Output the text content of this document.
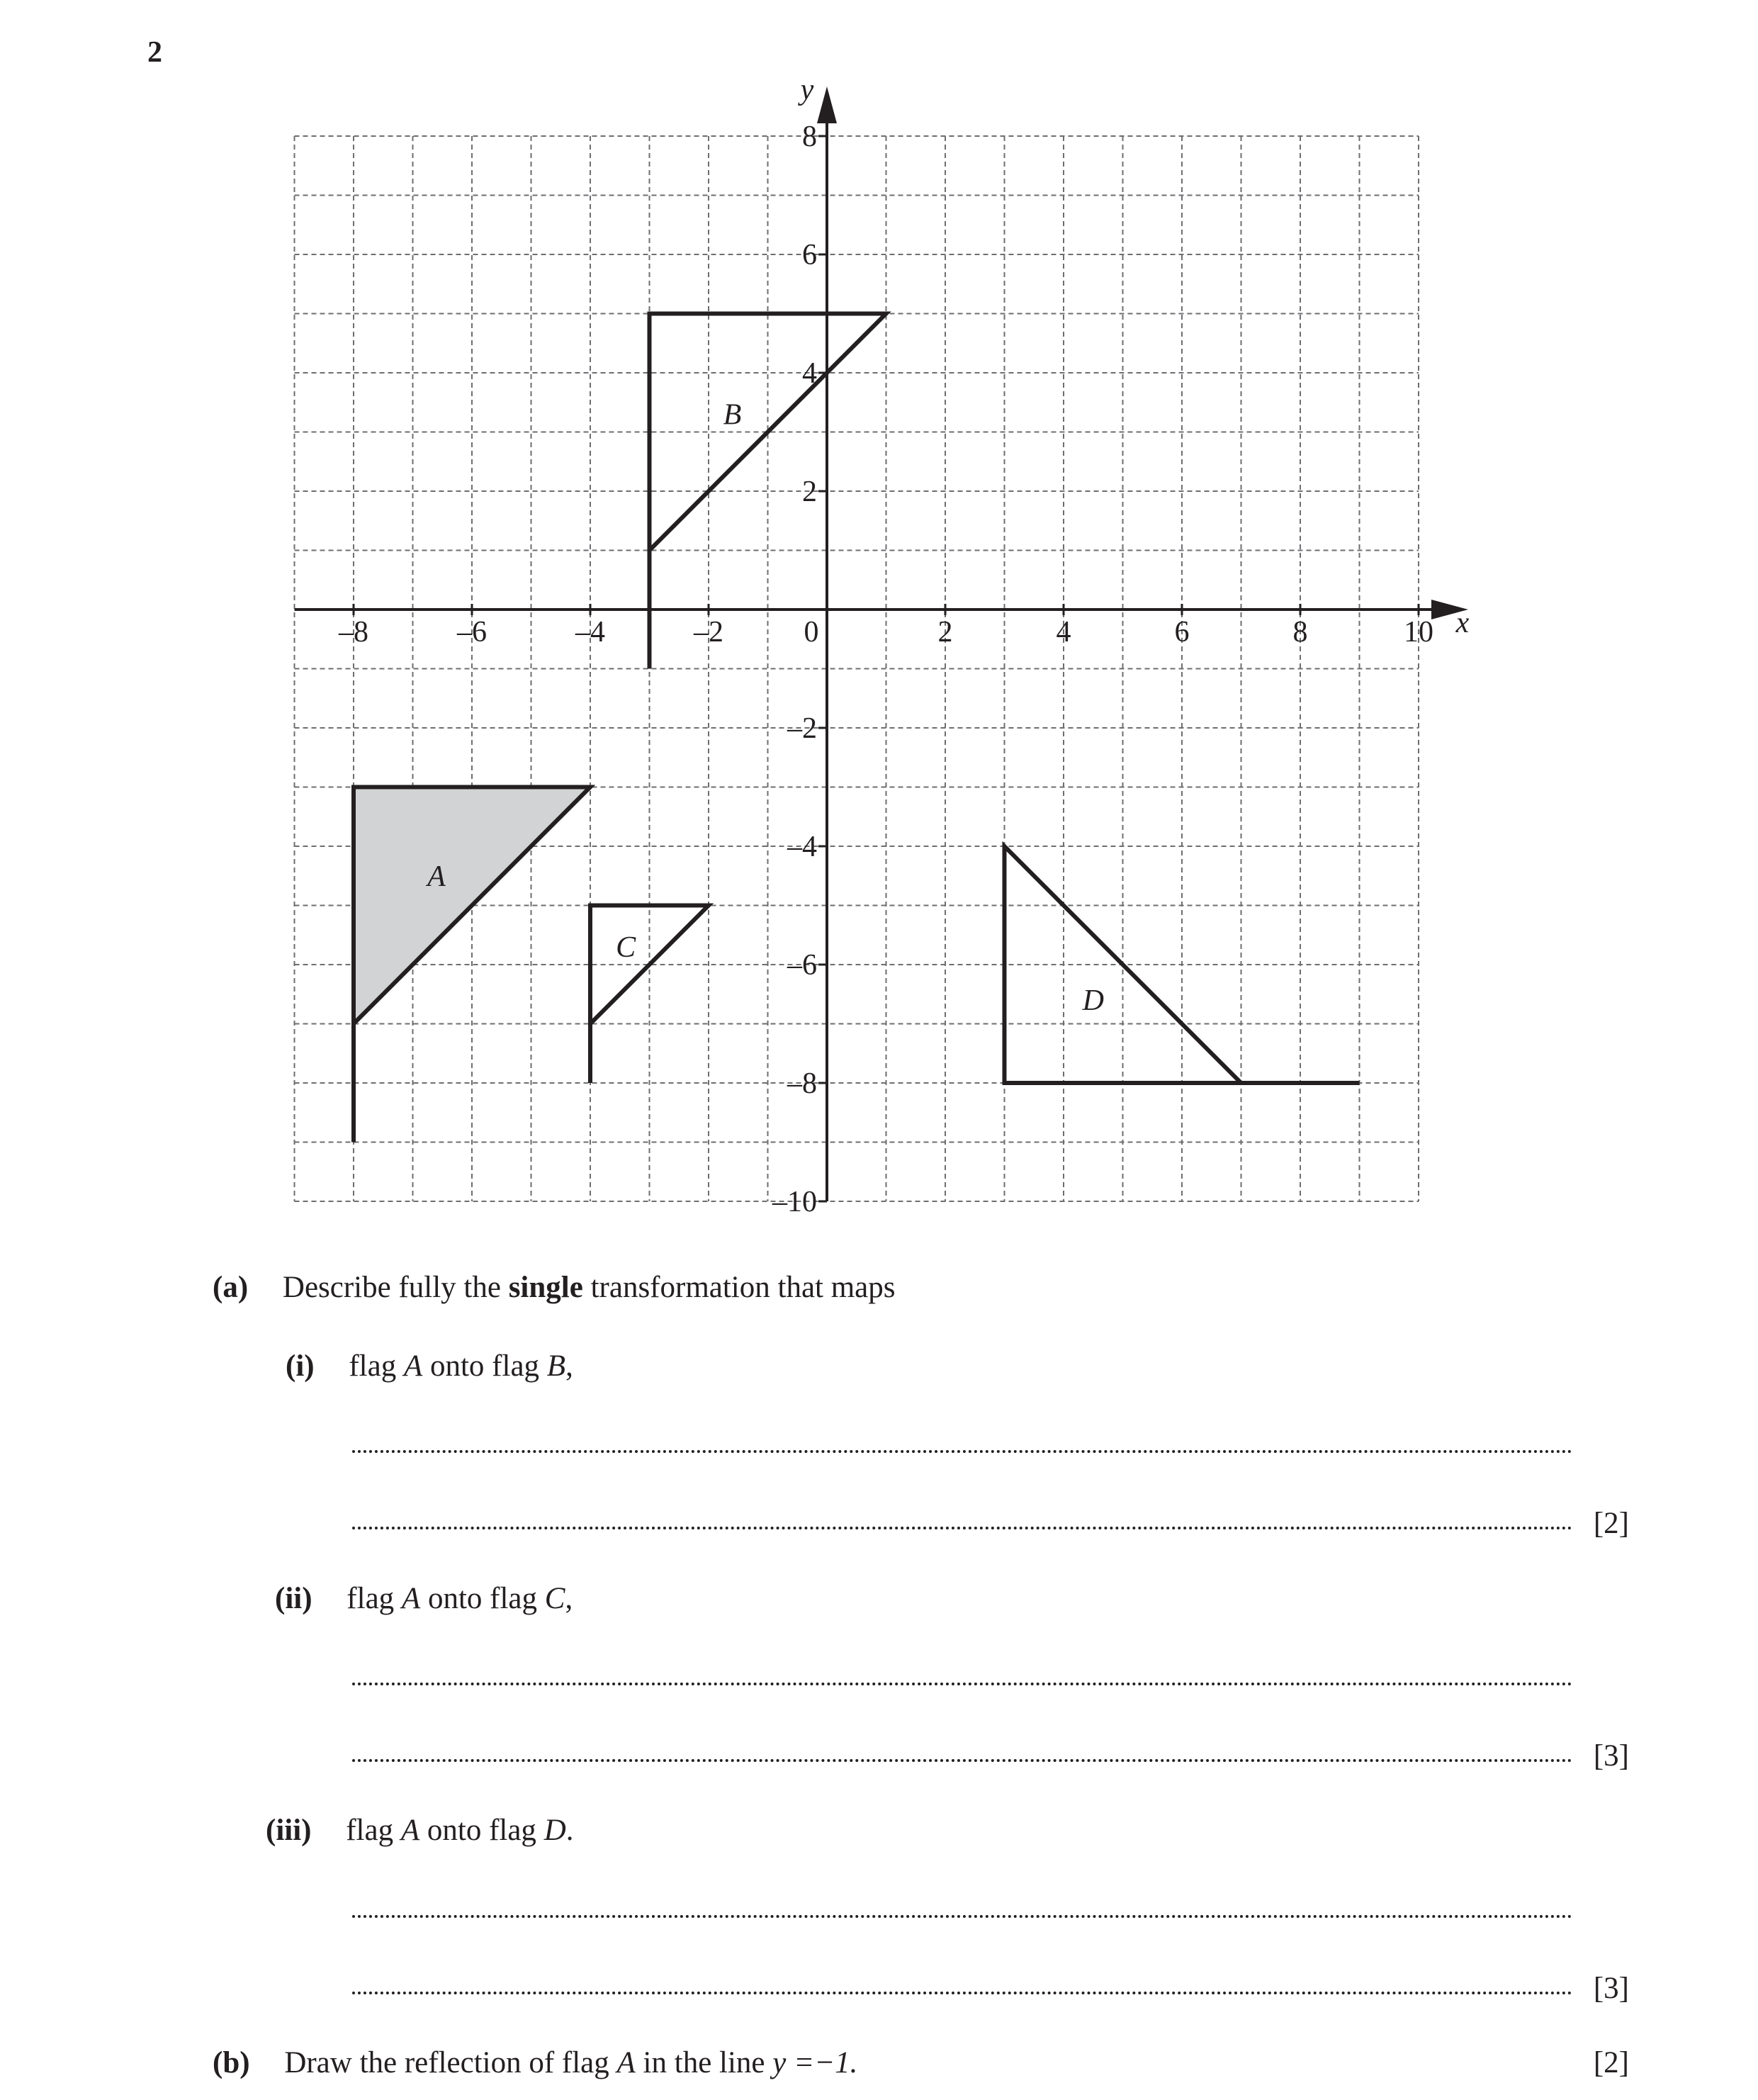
2
x
y
–8	–6	–4	–2	0	2	4	6	8	10
8
6
4
2
–2
–4
–6
–8
–10
A
B
C
D
(a) Describe fully the single transformation that maps
(i) flag A onto flag B,
[2]
(ii) flag A onto flag C,
[3]
(iii) flag A onto flag D.
[3]
(b) Draw the reflection of flag A in the line y =−1.	[2]
